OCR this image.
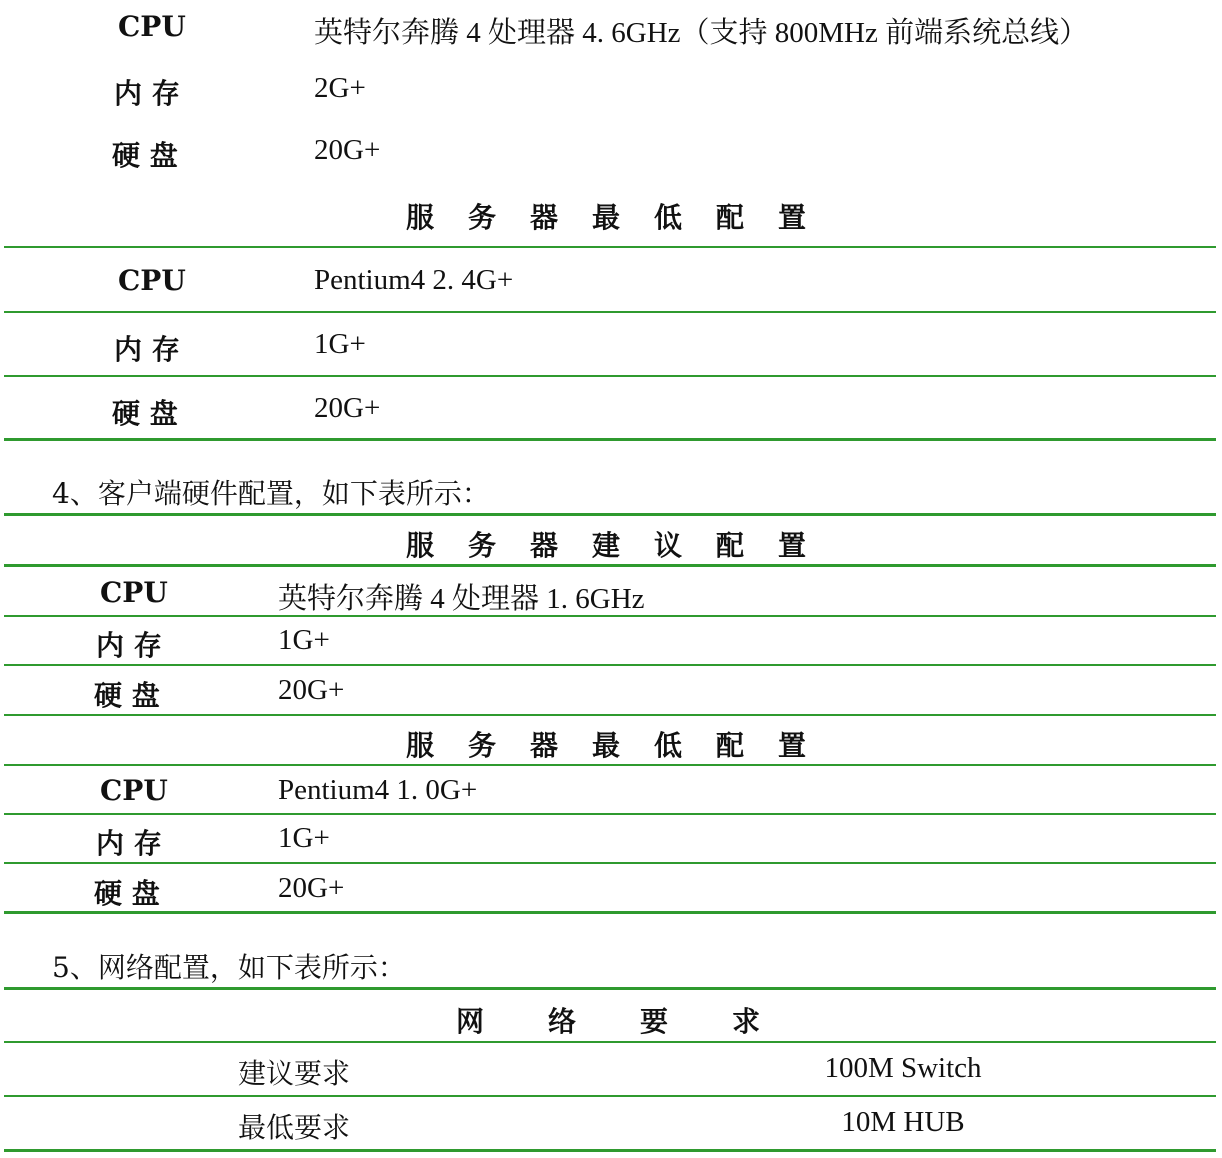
CPU	英特尔奔腾 4 处理器 4. 6GHz（支持 800MHz 前端系统总线）
内 存	2G+
硬 盘	20G+
服务器最低配置
CPU	Pentium4 2. 4G+
内 存	1G+
硬 盘	20G+
4、客户端硬件配置，如下表所示：
服务器建议配置
CPU	英特尔奔腾 4 处理器 1. 6GHz
内 存	1G+
硬 盘	20G+
服务器最低配置
CPU	Pentium4 1. 0G+
内 存	1G+
硬 盘	20G+
5、网络配置，如下表所示：
网络要求
建议要求	100M Switch
最低要求	10M HUB
